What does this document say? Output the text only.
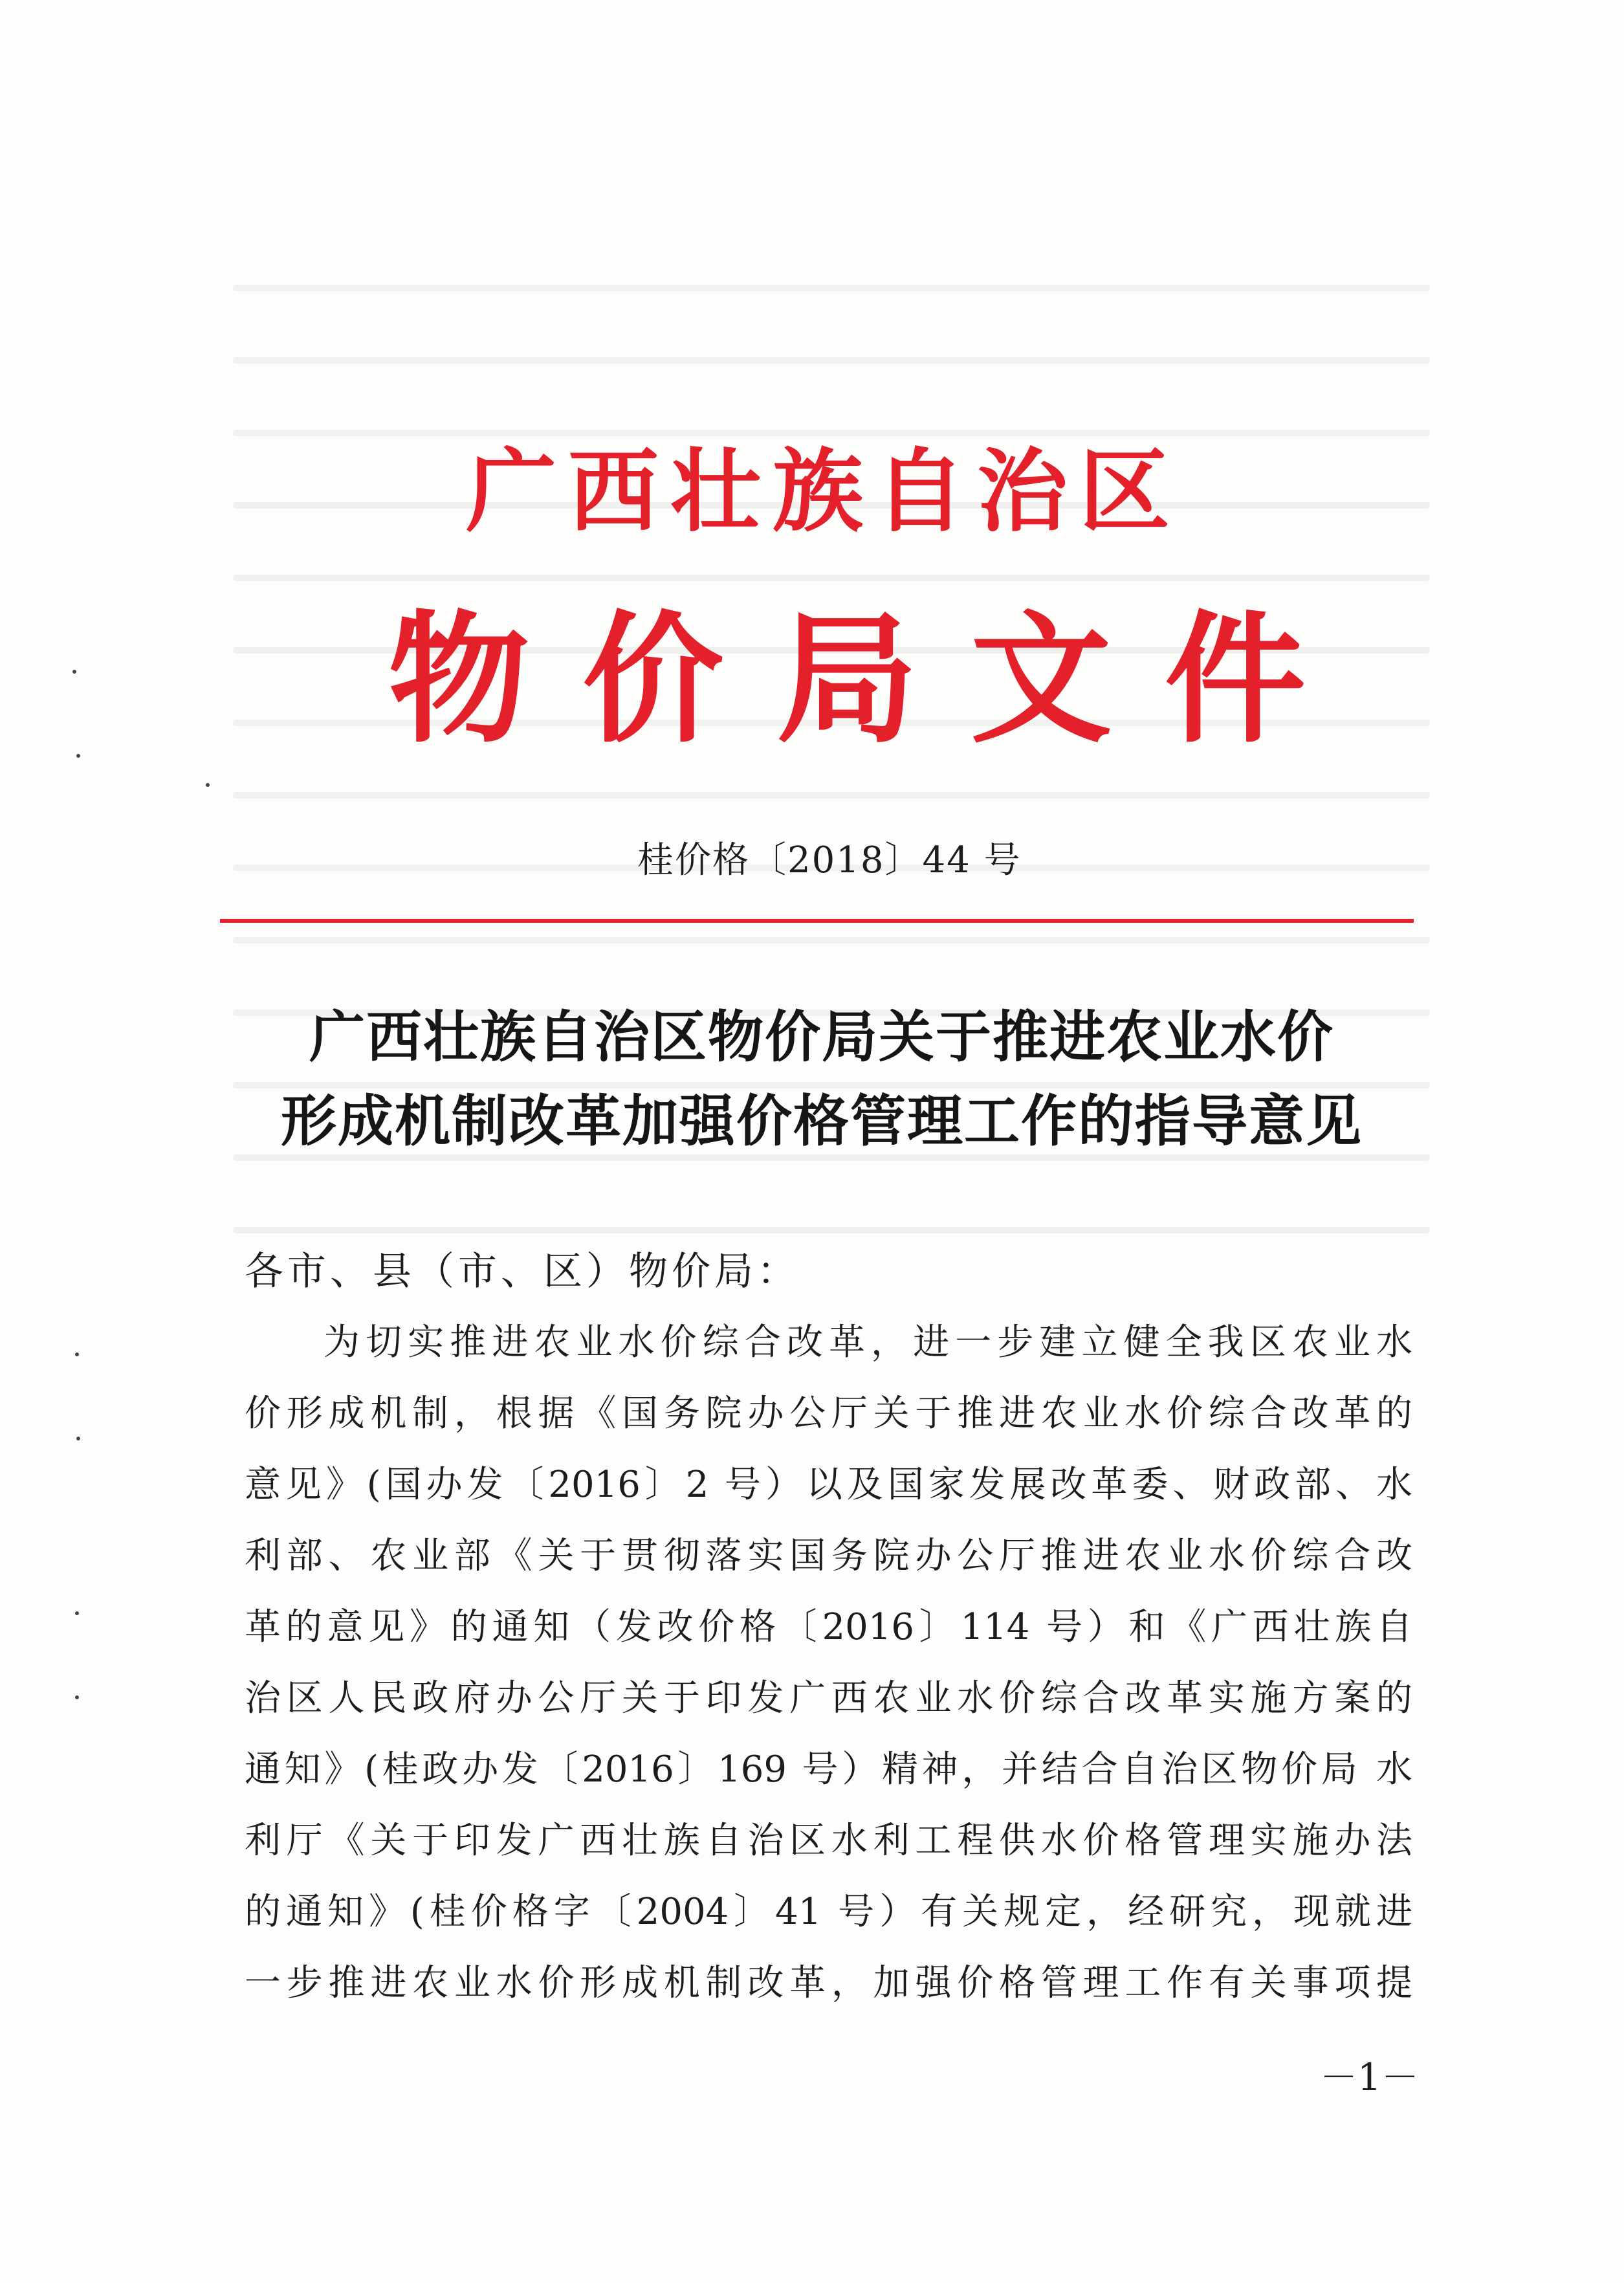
广西壮族自治区
物价局文件
桂价格〔2018〕44 号
广西壮族自治区物价局关于推进农业水价
形成机制改革加强价格管理工作的指导意见
各市、县（市、区）物价局：
为切实推进农业水价综合改革，进一步建立健全我区农业水
价形成机制，根据《国务院办公厅关于推进农业水价综合改革的
意见》(国办发〔2016〕2 号）以及国家发展改革委、财政部、水
利部、农业部《关于贯彻落实国务院办公厅推进农业水价综合改
革的意见》的通知（发改价格〔2016〕114 号）和《广西壮族自
治区人民政府办公厅关于印发广西农业水价综合改革实施方案的
通知》(桂政办发〔2016〕169 号）精神，并结合自治区物价局 水
利厅《关于印发广西壮族自治区水利工程供水价格管理实施办法
的通知》(桂价格字〔2004〕41 号）有关规定，经研究，现就进
一步推进农业水价形成机制改革，加强价格管理工作有关事项提
－1－
